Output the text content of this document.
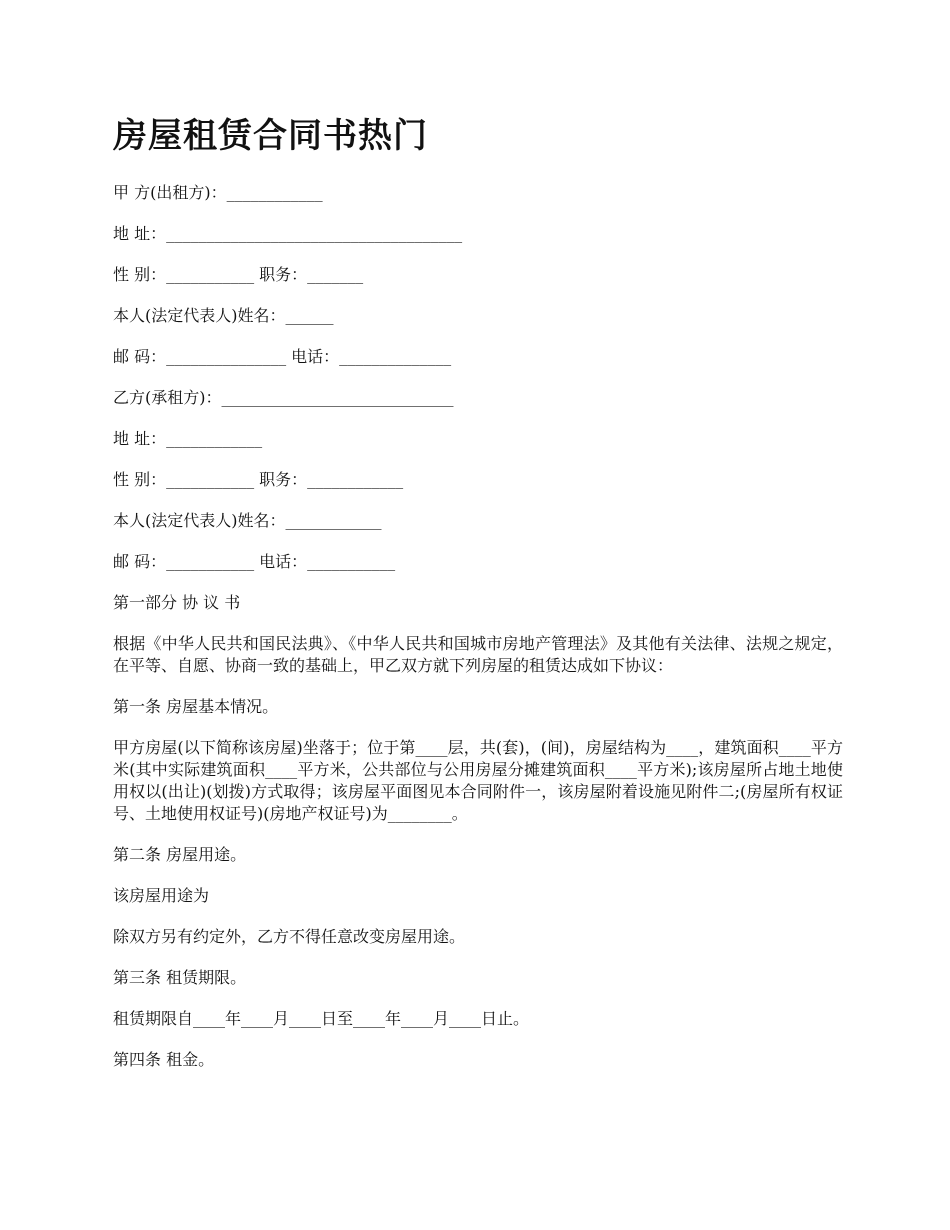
房屋租赁合同书热门
甲 方(出租方)：____________
地 址：_____________________________________
性 别：___________ 职务：_______
本人(法定代表人)姓名：______
邮 码：_______________ 电话：______________
乙方(承租方)：_____________________________
地 址：____________
性 别：___________ 职务：____________
本人(法定代表人)姓名：____________
邮 码：___________ 电话：___________
第一部分 协 议 书

根据《中华人民共和国民法典》、《中华人民共和国城市房地产管理法》及其他有关法律、法规之规定，在平等、自愿、协商一致的基础上，甲乙双方就下列房屋的租赁达成如下协议：

第一条 房屋基本情况。

甲方房屋(以下简称该房屋)坐落于；位于第____层，共(套)，(间)，房屋结构为____，建筑面积____平方米(其中实际建筑面积____平方米，公共部位与公用房屋分摊建筑面积____平方米);该房屋所占地土地使用权以(出让)(划拨)方式取得；该房屋平面图见本合同附件一，该房屋附着设施见附件二;(房屋所有权证号、土地使用权证号)(房地产权证号)为________。

第二条 房屋用途。
该房屋用途为
除双方另有约定外，乙方不得任意改变房屋用途。
第三条 租赁期限。
租赁期限自____年____月____日至____年____月____日止。
第四条 租金。
